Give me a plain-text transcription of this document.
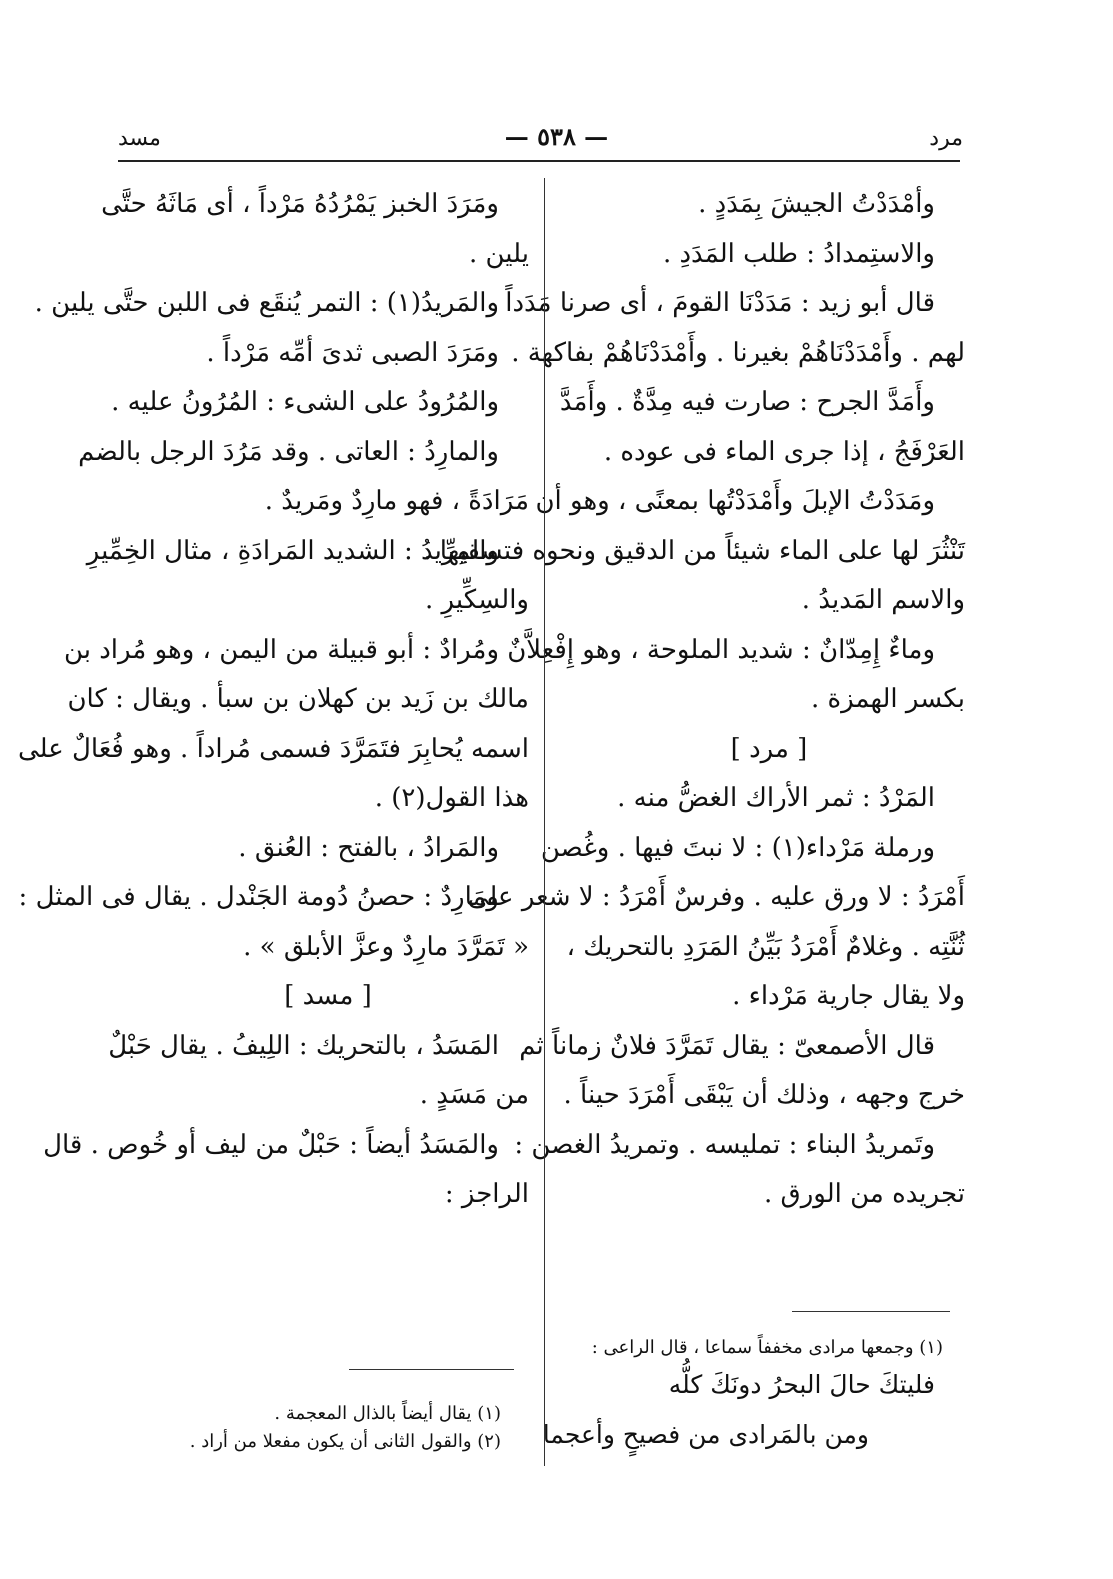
مرد
— ٥٣٨ —
مسد
وأمْدَدْتُ الجيشَ بِمَدَدٍ .
والاستِمدادُ : طلب المَدَدِ .
قال أبو زيد : مَدَدْنَا القومَ ، أى صرنا مَدَداً
لهم . وأَمْدَدْنَاهُمْ بغيرنا . وأَمْدَدْنَاهُمْ بفاكهة .
وأَمَدَّ الجرح : صارت فيه مِدَّةٌ . وأَمَدَّ
العَرْفَجُ ، إذا جرى الماء فى عوده .
ومَدَدْتُ الإبلَ وأَمْدَدْتُها بمعنًى ، وهو أن
تَنْثُرَ لها على الماء شيئاً من الدقيق ونحوه فتسقيها .
والاسم المَديدُ .
وماءٌ إِمِدّانٌ : شديد الملوحة ، وهو إِفْعِلاَّنٌ
بكسر الهمزة .
[ مرد ]
المَرْدُ : ثمر الأراك الغضُّ منه .
ورملة مَرْداء(١) : لا نبتَ فيها . وغُصن
أَمْرَدُ : لا ورق عليه . وفرسٌ أَمْرَدُ : لا شعر على
ثُنَّتِه . وغلامٌ أَمْرَدُ بَيِّنُ المَرَدِ بالتحريك ،
ولا يقال جارية مَرْداء .
قال الأصمعىّ : يقال تَمَرَّدَ فلانٌ زماناً ثم
خرج وجهه ، وذلك أن يَبْقَى أَمْرَدَ حيناً .
وتَمريدُ البناء : تمليسه . وتمريدُ الغصن :
تجريده من الورق .
ومَرَدَ الخبز يَمْرُدُهُ مَرْداً ، أى مَاثَهُ حتَّى
يلين .
والمَريدُ(١) : التمر يُنقَع فى اللبن حتَّى يلين .
ومَرَدَ الصبى ثدىَ أمِّه مَرْداً .
والمُرُودُ على الشىء : المُرُونُ عليه .
والمارِدُ : العاتى . وقد مَرُدَ الرجل بالضم
مَرَادَةً ، فهو مارِدٌ ومَريدٌ .
والمِرِّيدُ : الشديد المَرادَةِ ، مثال الخِمِّيرِ
والسِكِّيرِ .
ومُرادٌ : أبو قبيلة من اليمن ، وهو مُراد بن
مالك بن زَيد بن كهلان بن سبأ . ويقال : كان
اسمه يُحابِرَ فتَمَرَّدَ فسمى مُراداً . وهو فُعَالٌ على
هذا القول(٢) .
والمَرادُ ، بالفتح : العُنق .
ومَارِدٌ : حصنُ دُومة الجَنْدل . يقال فى المثل :
« تَمَرَّدَ مارِدٌ وعزَّ الأبلق » .
[ مسد ]
المَسَدُ ، بالتحريك : اللِيفُ . يقال حَبْلٌ
من مَسَدٍ .
والمَسَدُ أيضاً : حَبْلٌ من ليف أو خُوص . قال
الراجز :
(١) وجمعها مرادى مخففاً سماعا ، قال الراعى :
فليتكَ حالَ البحرُ دونَكَ كلُّه
ومن بالمَرادى من فصيحٍ وأعجما
(١) يقال أيضاً بالذال المعجمة .
(٢) والقول الثانى أن يكون مفعلا من أراد .
